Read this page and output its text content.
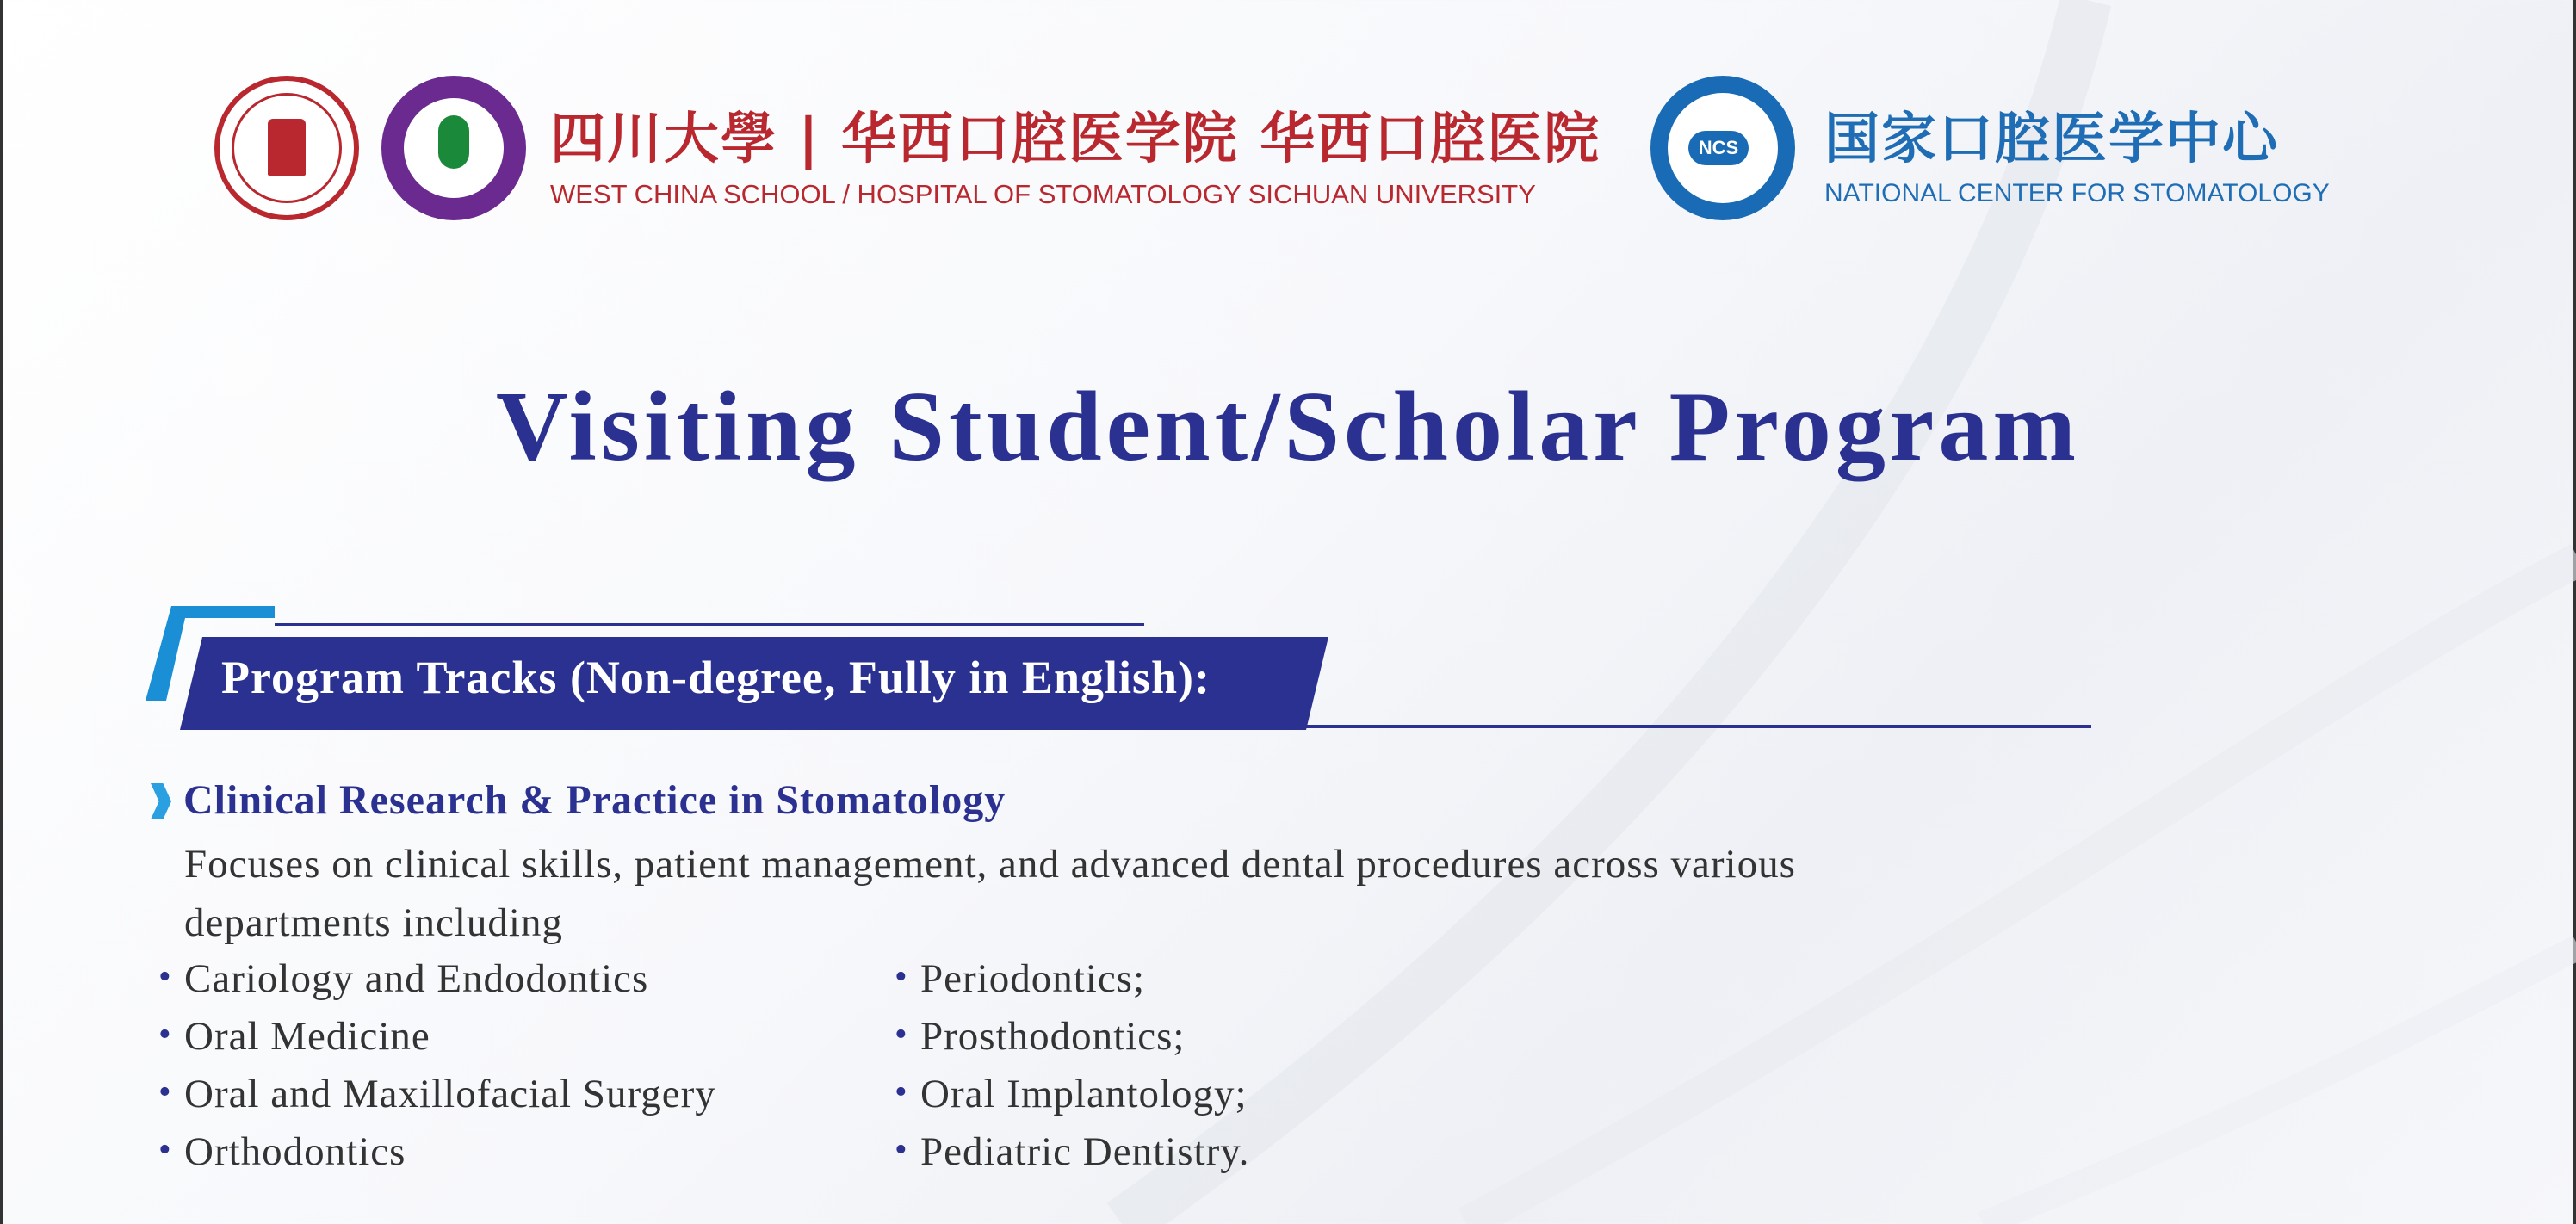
四川大學 | 华西口腔医学院 华西口腔医院
WEST CHINA SCHOOL / HOSPITAL OF STOMATOLOGY SICHUAN UNIVERSITY
NCS 国家口腔医学中心
NATIONAL CENTER FOR STOMATOLOGY
Visiting Student/Scholar Program
Program Tracks (Non-degree, Fully in English):
Clinical Research & Practice in Stomatology
Focuses on clinical skills, patient management, and advanced dental procedures across various departments including
• Cariology and Endodontics
• Oral Medicine
• Oral and Maxillofacial Surgery
• Orthodontics
• Periodontics;
• Prosthodontics;
• Oral Implantology;
• Pediatric Dentistry.
